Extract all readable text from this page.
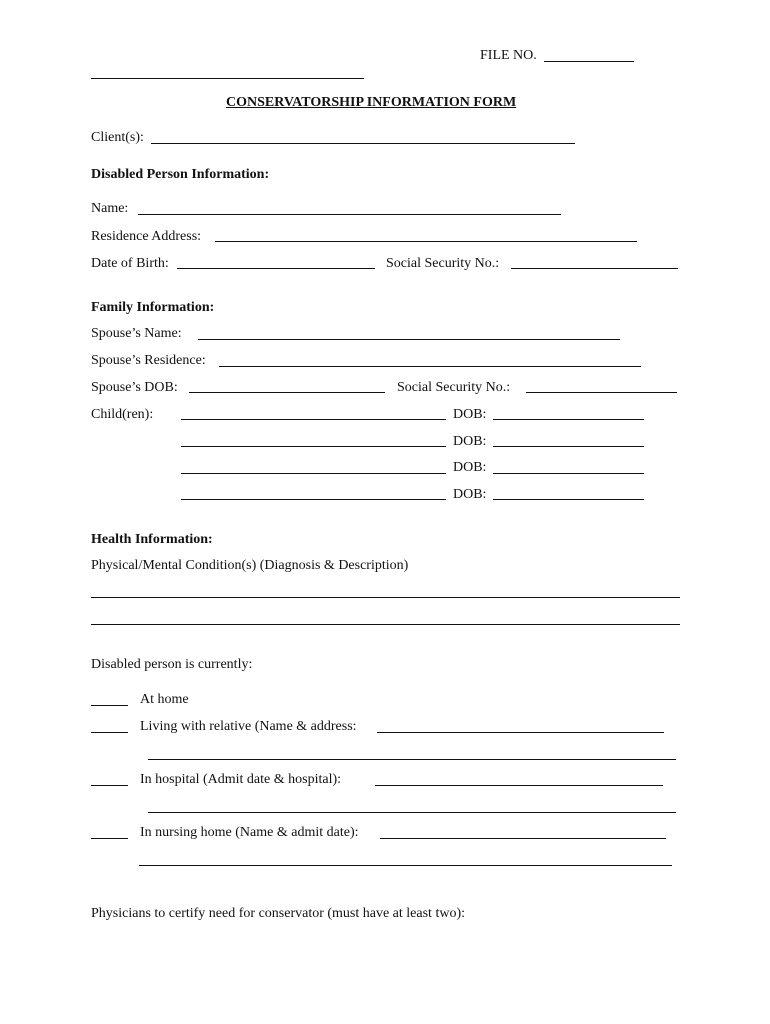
FILE NO.
CONSERVATORSHIP INFORMATION FORM
Client(s):
Disabled Person Information:
Name:
Residence Address:
Date of Birth:	Social Security No.:
Family Information:
Spouse’s Name:
Spouse’s Residence:
Spouse’s DOB:	Social Security No.:
Child(ren):	DOB:
DOB:
DOB:
DOB:
Health Information:
Physical/Mental Condition(s) (Diagnosis & Description)
Disabled person is currently:
At home
Living with relative (Name & address:
In hospital (Admit date & hospital):
In nursing home (Name & admit date):
Physicians to certify need for conservator (must have at least two):
